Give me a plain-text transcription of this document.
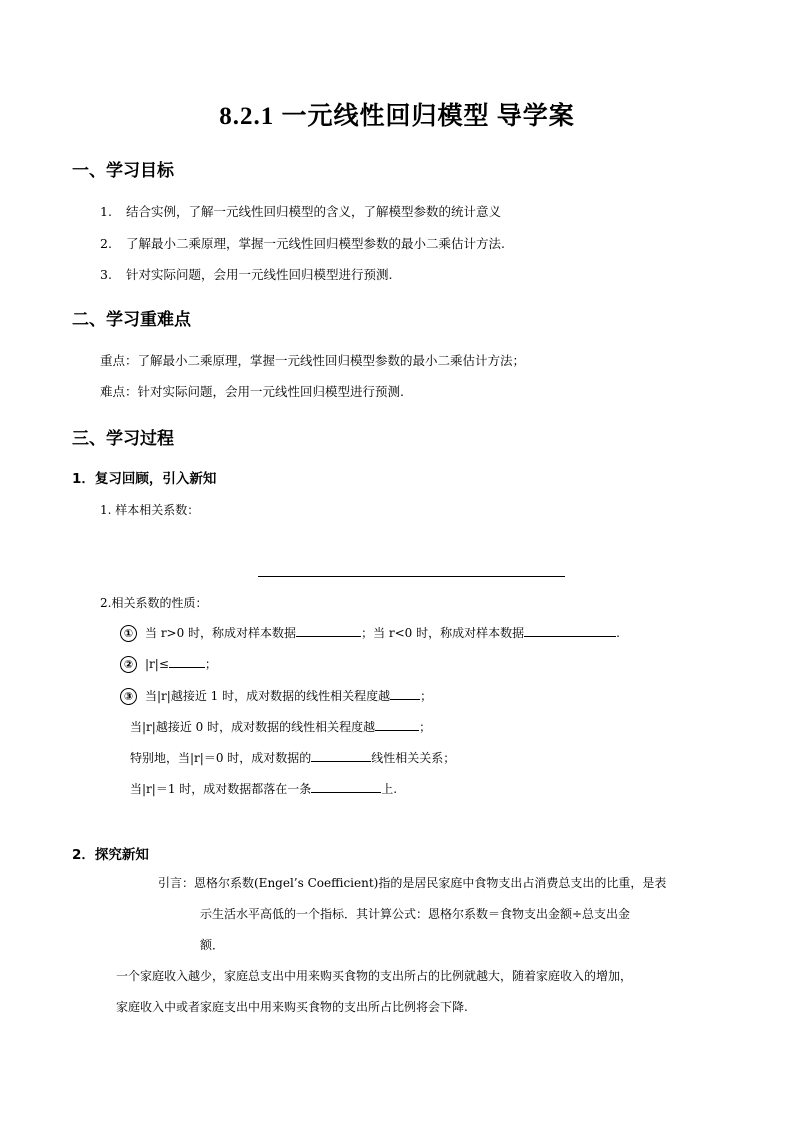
8.2.1 一元线性回归模型 导学案
一、学习目标
1. 结合实例，了解一元线性回归模型的含义，了解模型参数的统计意义
2. 了解最小二乘原理，掌握一元线性回归模型参数的最小二乘估计方法.
3. 针对实际问题，会用一元线性回归模型进行预测.
二、学习重难点
重点：了解最小二乘原理，掌握一元线性回归模型参数的最小二乘估计方法；
难点：针对实际问题，会用一元线性回归模型进行预测.
三、学习过程
1．复习回顾，引入新知
1. 样本相关系数：
2.相关系数的性质：
① 当 r>0 时，称成对样本数据	；当 r<0 时，称成对样本数据	.
② |r|≤	；
③ 当|r|越接近 1 时，成对数据的线性相关程度越	；
当|r|越接近 0 时，成对数据的线性相关程度越	；
特别地，当|r|＝0 时，成对数据的	线性相关关系；
当|r|＝1 时，成对数据都落在一条	上.
2．探究新知
引言：恩格尔系数(Engel’s Coefficient)指的是居民家庭中食物支出占消费总支出的比重，是表
示生活水平高低的一个指标．其计算公式：恩格尔系数＝食物支出金额÷总支出金
额．
一个家庭收入越少，家庭总支出中用来购买食物的支出所占的比例就越大，随着家庭收入的增加，
家庭收入中或者家庭支出中用来购买食物的支出所占比例将会下降.
